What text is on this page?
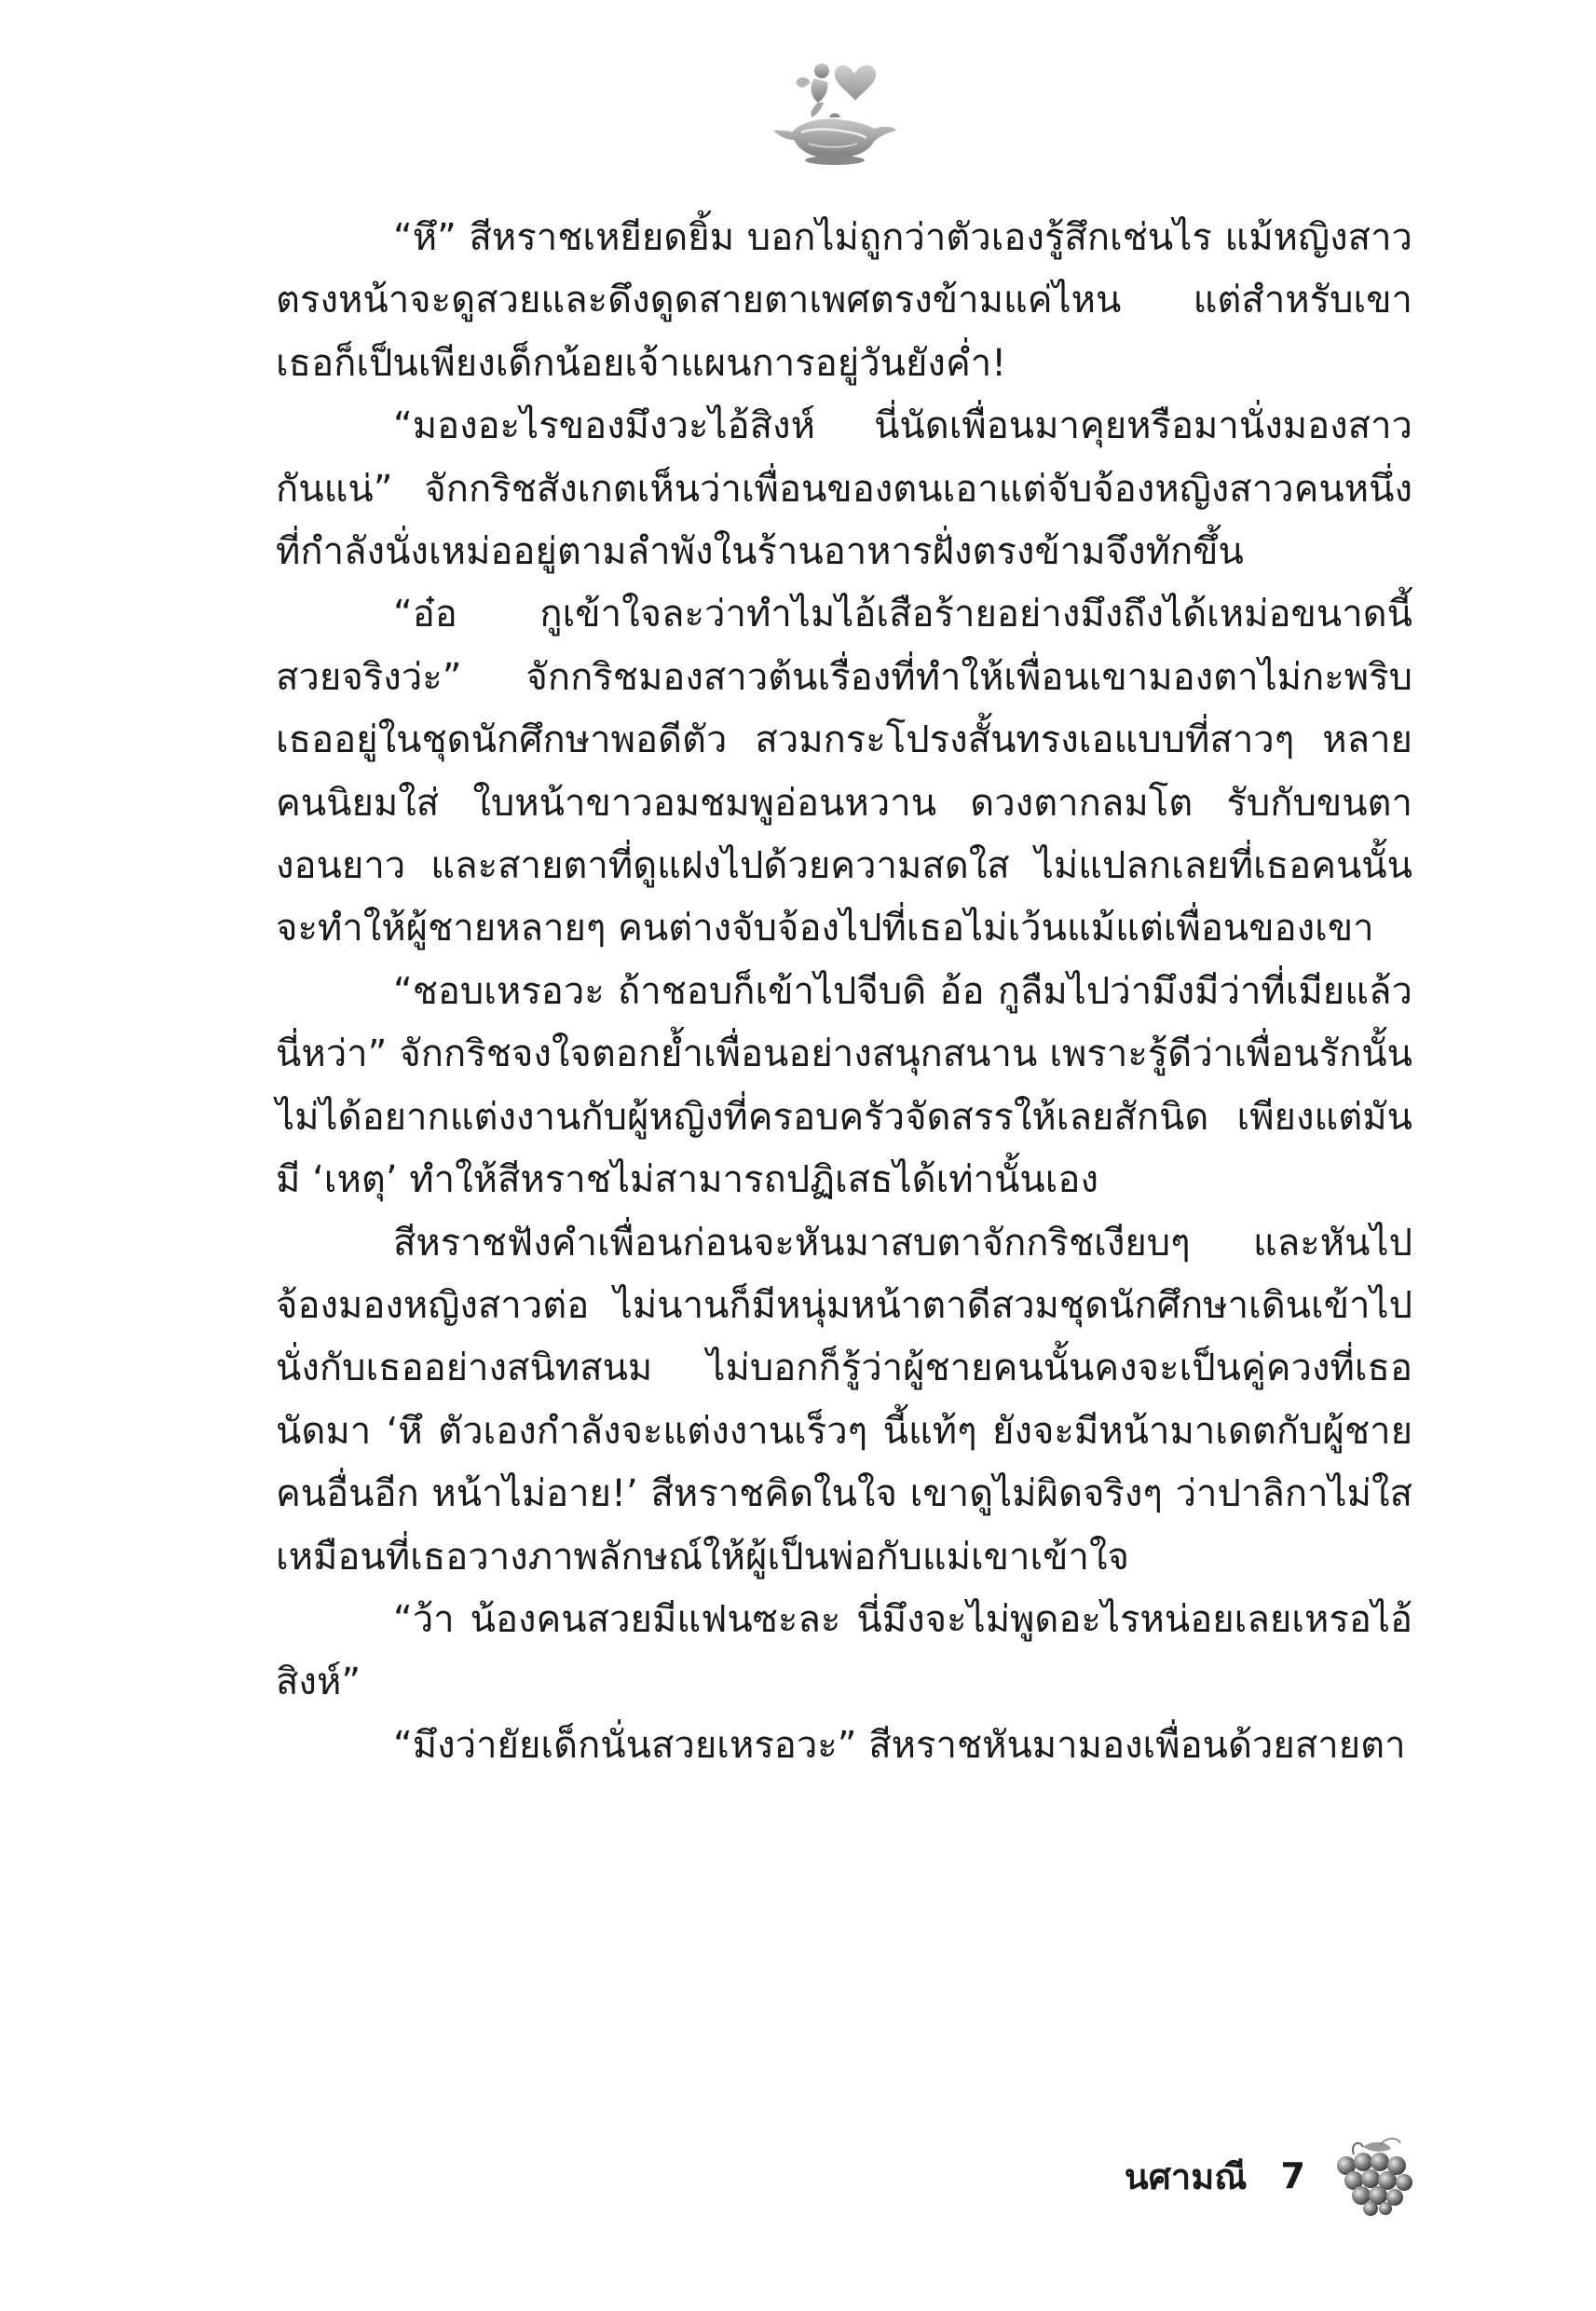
“หึ” สีหราชเหยียดยิ้ม บอกไม่ถูกว่าตัวเองรู้สึกเช่นไร แม้หญิงสาวตรงหน้าจะดูสวยและดึงดูดสายตาเพศตรงข้ามแค่ไหน แต่สำหรับเขา เธอก็เป็นเพียงเด็กน้อยเจ้าแผนการอยู่วันยังค่ำ!

“มองอะไรของมึงวะไอ้สิงห์ นี่นัดเพื่อนมาคุยหรือมานั่งมองสาวกันแน่” จักกริชสังเกตเห็นว่าเพื่อนของตนเอาแต่จับจ้องหญิงสาวคนหนึ่งที่กำลังนั่งเหม่ออยู่ตามลำพังในร้านอาหารฝั่งตรงข้ามจึงทักขึ้น

“อ๋อ กูเข้าใจละว่าทำไมไอ้เสือร้ายอย่างมึงถึงได้เหม่อขนาดนี้ สวยจริงว่ะ” จักกริชมองสาวต้นเรื่องที่ทำให้เพื่อนเขามองตาไม่กะพริบ เธออยู่ในชุดนักศึกษาพอดีตัว สวมกระโปรงสั้นทรงเอแบบที่สาวๆ หลายคนนิยมใส่ ใบหน้าขาวอมชมพูอ่อนหวาน ดวงตากลมโต รับกับขนตางอนยาว และสายตาที่ดูแฝงไปด้วยความสดใส ไม่แปลกเลยที่เธอคนนั้นจะทำให้ผู้ชายหลายๆ คนต่างจับจ้องไปที่เธอไม่เว้นแม้แต่เพื่อนของเขา

“ชอบเหรอวะ ถ้าชอบก็เข้าไปจีบดิ อ้อ กูลืมไปว่ามึงมีว่าที่เมียแล้วนี่หว่า” จักกริชจงใจตอกย้ำเพื่อนอย่างสนุกสนาน เพราะรู้ดีว่าเพื่อนรักนั้นไม่ได้อยากแต่งงานกับผู้หญิงที่ครอบครัวจัดสรรให้เลยสักนิด เพียงแต่มันมี ‘เหตุ’ ทำให้สีหราชไม่สามารถปฏิเสธได้เท่านั้นเอง

สีหราชฟังคำเพื่อนก่อนจะหันมาสบตาจักกริชเงียบๆ และหันไปจ้องมองหญิงสาวต่อ ไม่นานก็มีหนุ่มหน้าตาดีสวมชุดนักศึกษาเดินเข้าไปนั่งกับเธออย่างสนิทสนม ไม่บอกก็รู้ว่าผู้ชายคนนั้นคงจะเป็นคู่ควงที่เธอนัดมา ‘หึ ตัวเองกำลังจะแต่งงานเร็วๆ นี้แท้ๆ ยังจะมีหน้ามาเดตกับผู้ชายคนอื่นอีก หน้าไม่อาย!’ สีหราชคิดในใจ เขาดูไม่ผิดจริงๆ ว่าปาลิกาไม่ใสเหมือนที่เธอวางภาพลักษณ์ให้ผู้เป็นพ่อกับแม่เขาเข้าใจ

“ว้า น้องคนสวยมีแฟนซะละ นี่มึงจะไม่พูดอะไรหน่อยเลยเหรอไอ้สิงห์”

“มึงว่ายัยเด็กนั่นสวยเหรอวะ” สีหราชหันมามองเพื่อนด้วยสายตา

นศามณี 7
